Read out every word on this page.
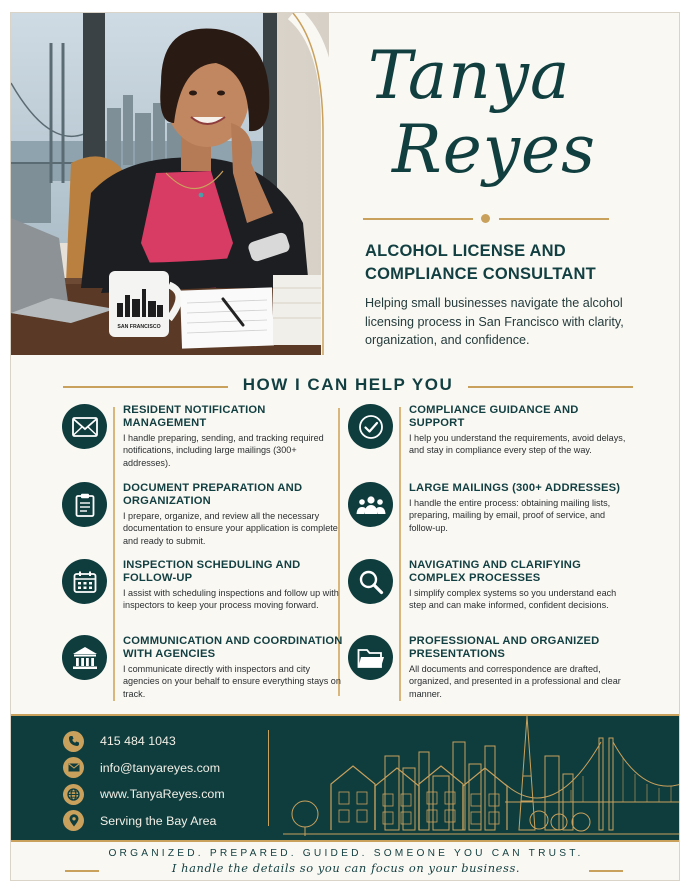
SAN FRANCISCO
Tanya
Reyes
ALCOHOL LICENSE AND
COMPLIANCE CONSULTANT

Helping small businesses navigate the alcohol licensing process in San Francisco with clarity, organization, and confidence.

HOW I CAN HELP YOU
RESIDENT NOTIFICATION MANAGEMENT
I handle preparing, sending, and tracking required notifications, including large mailings (300+ addresses).
DOCUMENT PREPARATION AND ORGANIZATION
I prepare, organize, and review all the necessary documentation to ensure your application is complete and ready to submit.
INSPECTION SCHEDULING AND FOLLOW-UP
I assist with scheduling inspections and follow up with inspectors to keep your process moving forward.
COMMUNICATION AND COORDINATION WITH AGENCIES
I communicate directly with inspectors and city agencies on your behalf to ensure everything stays on track.
COMPLIANCE GUIDANCE AND SUPPORT
I help you understand the requirements, avoid delays, and stay in compliance every step of the way.
LARGE MAILINGS (300+ ADDRESSES)
I handle the entire process: obtaining mailing lists, preparing, mailing by email, proof of service, and follow-up.
NAVIGATING AND CLARIFYING COMPLEX PROCESSES
I simplify complex systems so you understand each step and can make informed, confident decisions.
PROFESSIONAL AND ORGANIZED PRESENTATIONS
All documents and correspondence are drafted, organized, and presented in a professional and clear manner.
415 484 1043
info@tanyareyes.com
www.TanyaReyes.com
Serving the Bay Area
ORGANIZED. PREPARED. GUIDED. SOMEONE YOU CAN TRUST.
I handle the details so you can focus on your business.
